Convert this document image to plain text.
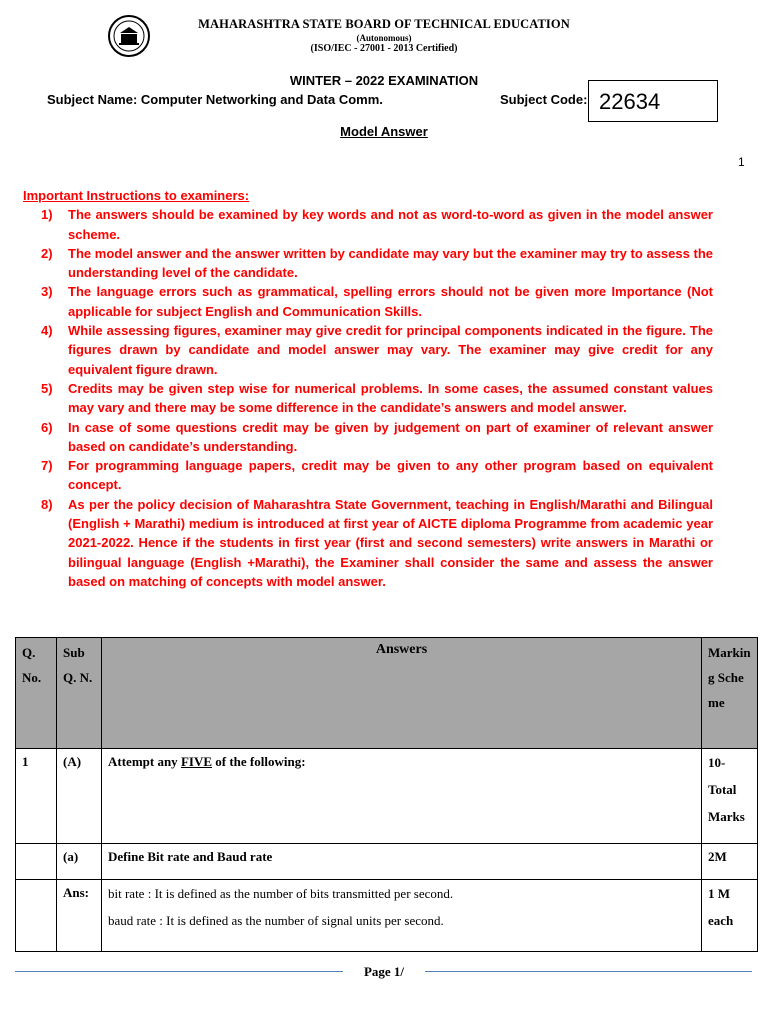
MAHARASHTRA STATE BOARD OF TECHNICAL EDUCATION
(Autonomous)
(ISO/IEC - 27001 - 2013 Certified)
WINTER – 2022 EXAMINATION
Subject Name: Computer Networking and Data Comm.	Subject Code: 22634
Model Answer
1
Important Instructions to examiners:
1) The answers should be examined by key words and not as word-to-word as given in the model answer scheme.
2) The model answer and the answer written by candidate may vary but the examiner may try to assess the understanding level of the candidate.
3) The language errors such as grammatical, spelling errors should not be given more Importance (Not applicable for subject English and Communication Skills.
4) While assessing figures, examiner may give credit for principal components indicated in the figure. The figures drawn by candidate and model answer may vary. The examiner may give credit for any equivalent figure drawn.
5) Credits may be given step wise for numerical problems. In some cases, the assumed constant values may vary and there may be some difference in the candidate’s answers and model answer.
6) In case of some questions credit may be given by judgement on part of examiner of relevant answer based on candidate’s understanding.
7) For programming language papers, credit may be given to any other program based on equivalent concept.
8) As per the policy decision of Maharashtra State Government, teaching in English/Marathi and Bilingual (English + Marathi) medium is introduced at first year of AICTE diploma Programme from academic year 2021-2022. Hence if the students in first year (first and second semesters) write answers in Marathi or bilingual language (English +Marathi), the Examiner shall consider the same and assess the answer based on matching of concepts with model answer.
Q. No.	Sub Q. N.	Answers	Marking Scheme

1	(A)	Attempt any FIVE of the following:	10- Total Marks

	(a)	Define Bit rate and Baud rate	2M

	Ans:	bit rate : It is defined as the number of bits transmitted per second.
baud rate : It is defined as the number of signal units per second.	1 M each
Page 1/
